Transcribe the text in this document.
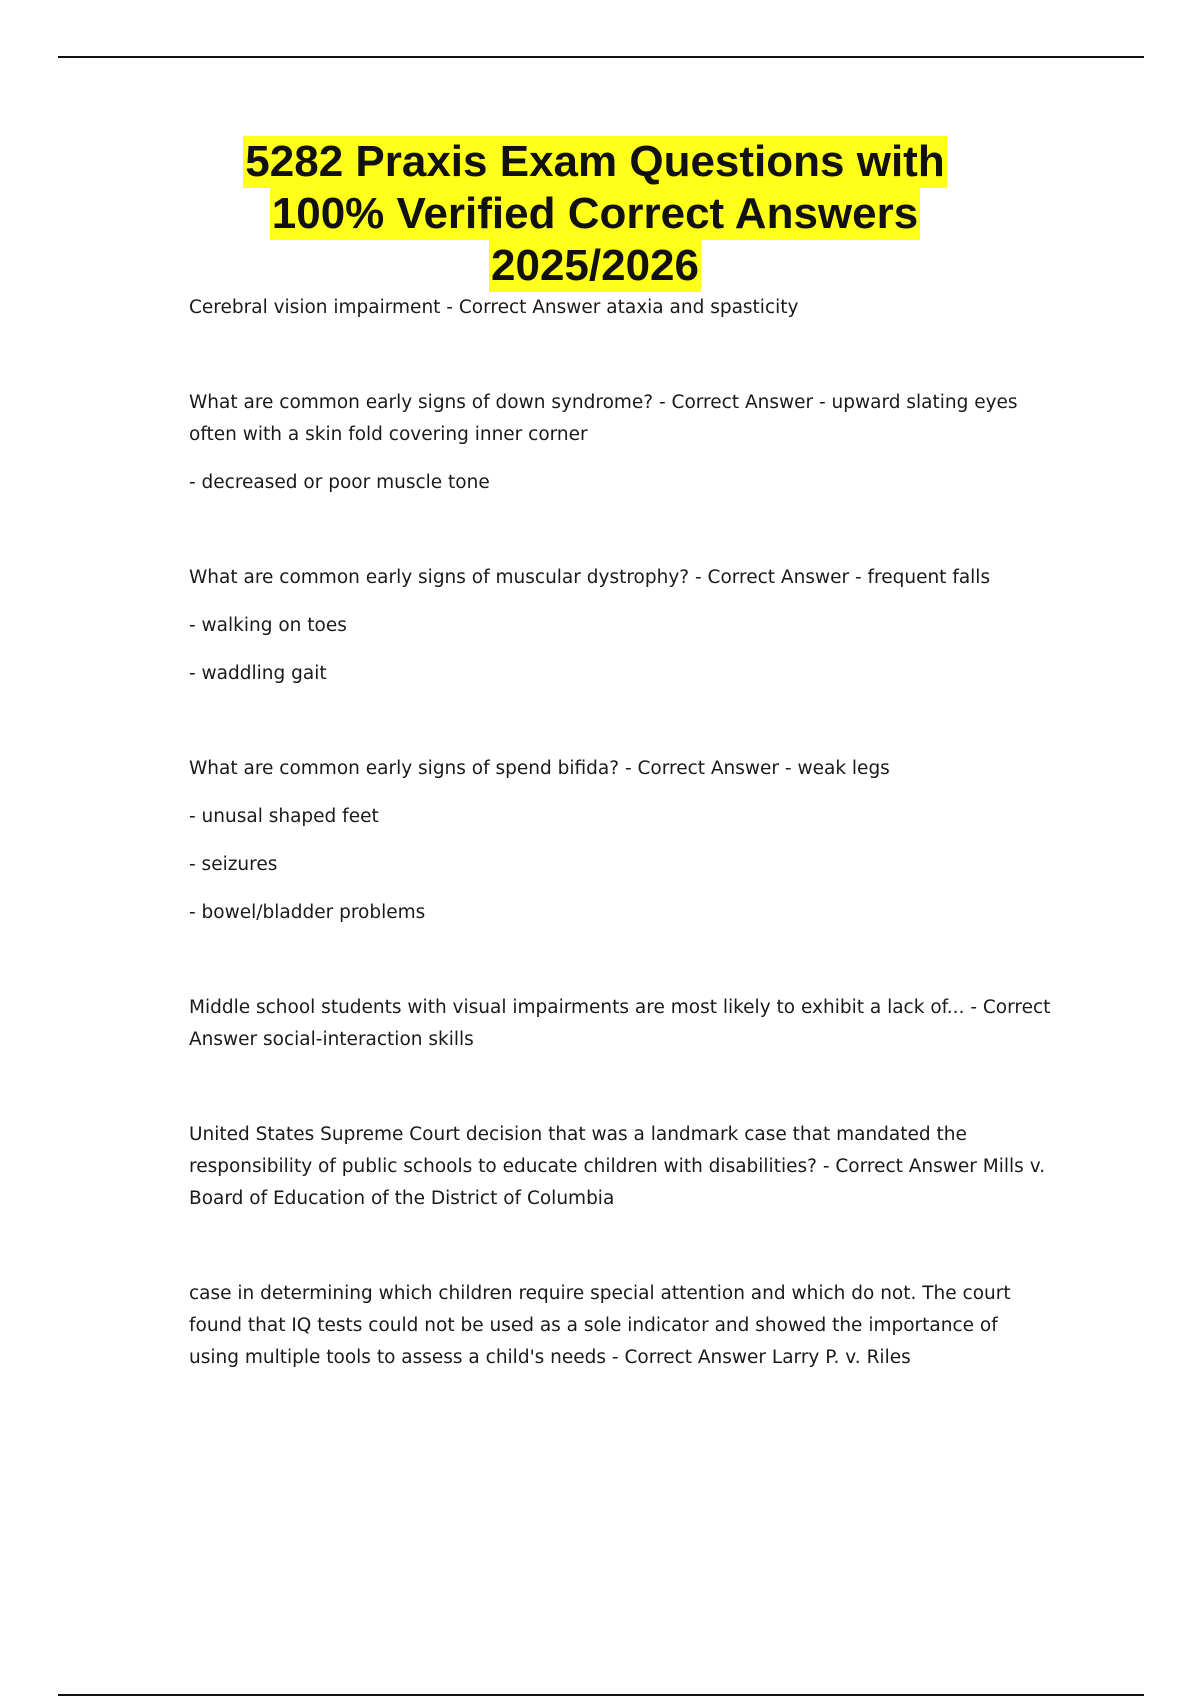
5282 Praxis Exam Questions with
100% Verified Correct Answers
2025/2026
Cerebral vision impairment - Correct Answer ataxia and spasticity
What are common early signs of down syndrome? - Correct Answer - upward slating eyes
often with a skin fold covering inner corner
- decreased or poor muscle tone
What are common early signs of muscular dystrophy? - Correct Answer - frequent falls
- walking on toes
- waddling gait
What are common early signs of spend bifida? - Correct Answer - weak legs
- unusal shaped feet
- seizures
- bowel/bladder problems
Middle school students with visual impairments are most likely to exhibit a lack of... - Correct
Answer social-interaction skills
United States Supreme Court decision that was a landmark case that mandated the
responsibility of public schools to educate children with disabilities? - Correct Answer Mills v.
Board of Education of the District of Columbia
case in determining which children require special attention and which do not. The court
found that IQ tests could not be used as a sole indicator and showed the importance of
using multiple tools to assess a child's needs - Correct Answer Larry P. v. Riles
